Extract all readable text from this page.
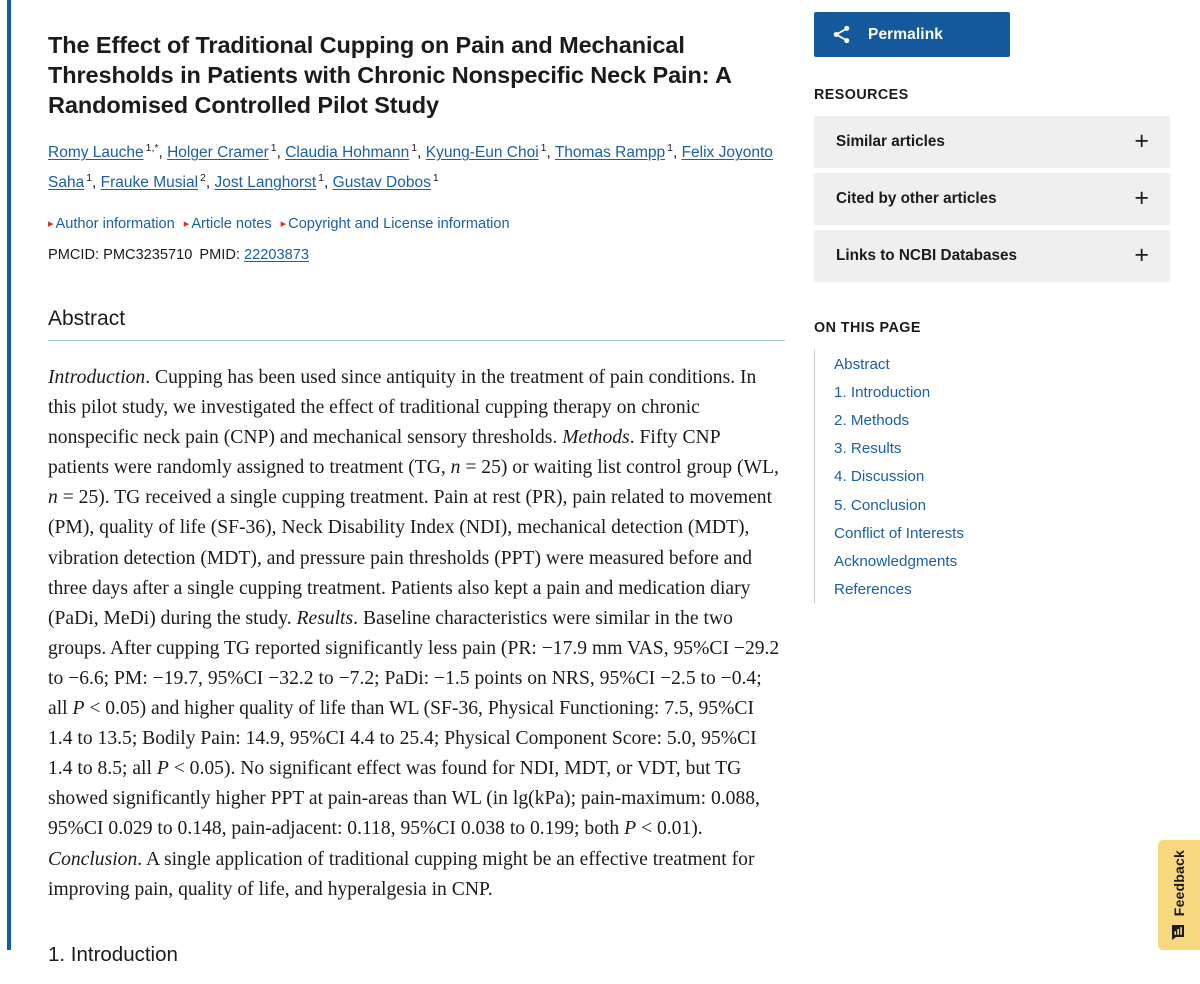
The Effect of Traditional Cupping on Pain and Mechanical Thresholds in Patients with Chronic Nonspecific Neck Pain: A Randomised Controlled Pilot Study
Romy Lauche $^{1,*}$, Holger Cramer $^1$, Claudia Hohmann $^1$, Kyung-Eun Choi $^1$, Thomas Rampp $^1$, Felix Joyonto Saha $^1$, Frauke Musial $^2$, Jost Langhorst $^1$, Gustav Dobos $^1$
▸ Author information ▸ Article notes ▸ Copyright and License information
PMCID: PMC3235710 PMID: 22203873
Abstract
Introduction. Cupping has been used since antiquity in the treatment of pain conditions. In this pilot study, we investigated the effect of traditional cupping therapy on chronic nonspecific neck pain (CNP) and mechanical sensory thresholds. Methods. Fifty CNP patients were randomly assigned to treatment (TG, n = 25) or waiting list control group (WL, n = 25). TG received a single cupping treatment. Pain at rest (PR), pain related to movement (PM), quality of life (SF-36), Neck Disability Index (NDI), mechanical detection (MDT), vibration detection (MDT), and pressure pain thresholds (PPT) were measured before and three days after a single cupping treatment. Patients also kept a pain and medication diary (PaDi, MeDi) during the study. Results. Baseline characteristics were similar in the two groups. After cupping TG reported significantly less pain (PR: −17.9 mm VAS, 95%CI −29.2 to −6.6; PM: −19.7, 95%CI −32.2 to −7.2; PaDi: −1.5 points on NRS, 95%CI −2.5 to −0.4; all P < 0.05) and higher quality of life than WL (SF-36, Physical Functioning: 7.5, 95%CI 1.4 to 13.5; Bodily Pain: 14.9, 95%CI 4.4 to 25.4; Physical Component Score: 5.0, 95%CI 1.4 to 8.5; all P < 0.05). No significant effect was found for NDI, MDT, or VDT, but TG showed significantly higher PPT at pain-areas than WL (in lg(kPa); pain-maximum: 0.088, 95%CI 0.029 to 0.148, pain-adjacent: 0.118, 95%CI 0.038 to 0.199; both P < 0.01). Conclusion. A single application of traditional cupping might be an effective treatment for improving pain, quality of life, and hyperalgesia in CNP.
1. Introduction
Permalink
RESOURCES
Similar articles	+
Cited by other articles	+
Links to NCBI Databases	+
ON THIS PAGE
Abstract
1. Introduction
2. Methods
3. Results
4. Discussion
5. Conclusion
Conflict of Interests
Acknowledgments
References
Feedback
